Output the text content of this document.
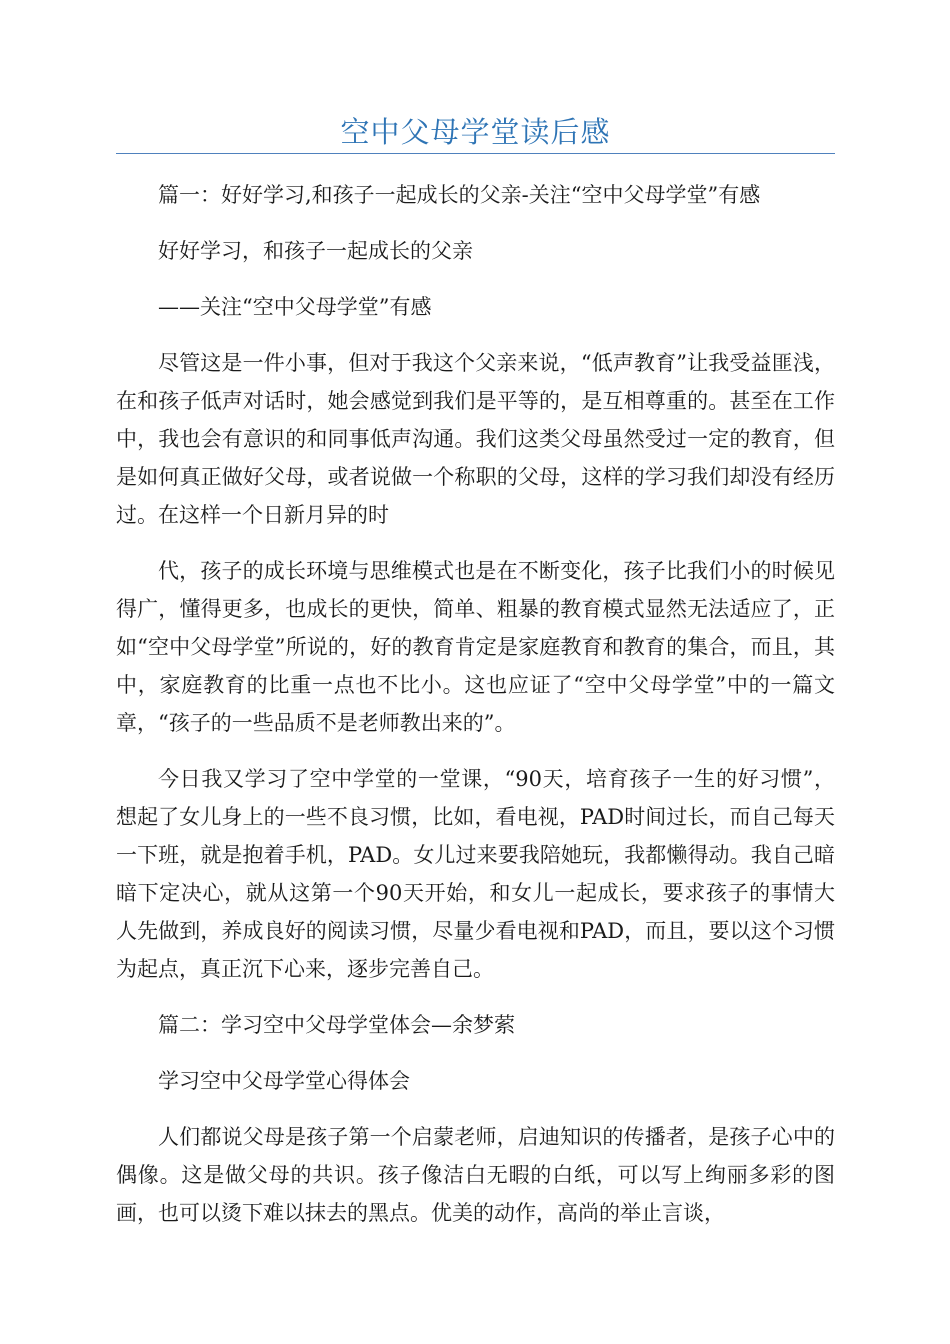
空中父母学堂读后感

篇一：好好学习,和孩子一起成长的父亲-关注“空中父母学堂”有感

好好学习，和孩子一起成长的父亲

——关注“空中父母学堂”有感

尽管这是一件小事，但对于我这个父亲来说，“低声教育”让我受益匪浅，在和孩子低声对话时，她会感觉到我们是平等的，是互相尊重的。甚至在工作中，我也会有意识的和同事低声沟通。我们这类父母虽然受过一定的教育，但是如何真正做好父母，或者说做一个称职的父母，这样的学习我们却没有经历过。在这样一个日新月异的时

代，孩子的成长环境与思维模式也是在不断变化，孩子比我们小的时候见得广，懂得更多，也成长的更快，简单、粗暴的教育模式显然无法适应了，正如“空中父母学堂”所说的，好的教育肯定是家庭教育和教育的集合，而且，其中，家庭教育的比重一点也不比小。这也应证了“空中父母学堂”中的一篇文章，“孩子的一些品质不是老师教出来的”。

今日我又学习了空中学堂的一堂课，“90天，培育孩子一生的好习惯”，想起了女儿身上的一些不良习惯，比如，看电视，PAD时间过长，而自己每天一下班，就是抱着手机，PAD。女儿过来要我陪她玩，我都懒得动。我自己暗暗下定决心，就从这第一个90天开始，和女儿一起成长，要求孩子的事情大人先做到，养成良好的阅读习惯，尽量少看电视和PAD，而且，要以这个习惯为起点，真正沉下心来，逐步完善自己。

篇二：学习空中父母学堂体会—余梦萦

学习空中父母学堂心得体会

人们都说父母是孩子第一个启蒙老师，启迪知识的传播者，是孩子心中的偶像。这是做父母的共识。孩子像洁白无暇的白纸，可以写上绚丽多彩的图画，也可以烫下难以抹去的黑点。优美的动作，高尚的举止言谈，
